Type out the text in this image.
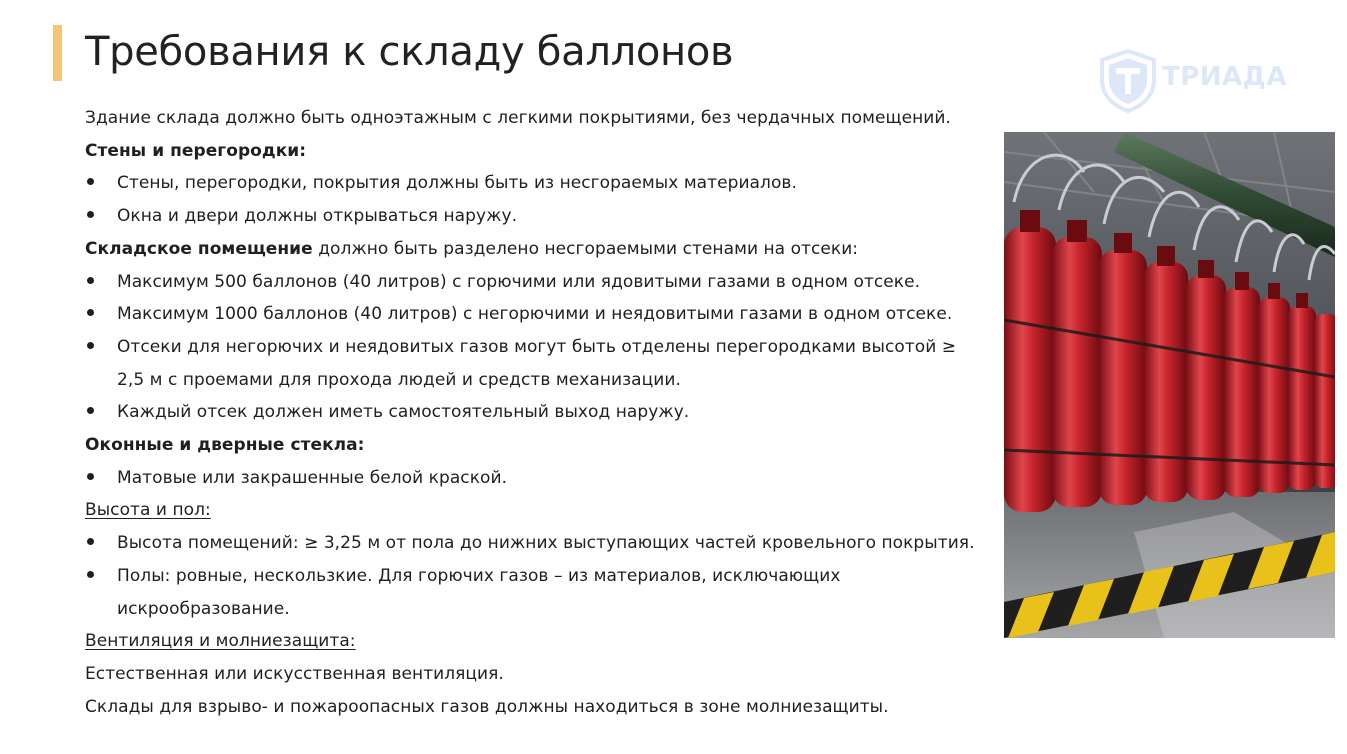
Требования к складу баллонов
ТРИАДА

Здание склада должно быть одноэтажным с легкими покрытиями, без чердачных помещений.

Стены и перегородки:

Стены, перегородки, покрытия должны быть из несгораемых материалов.
Окна и двери должны открываться наружу.

Складское помещение должно быть разделено несгораемыми стенами на отсеки:

Максимум 500 баллонов (40 литров) с горючими или ядовитыми газами в одном отсеке.
Максимум 1000 баллонов (40 литров) с негорючими и неядовитыми газами в одном отсеке.
Отсеки для негорючих и неядовитых газов могут быть отделены перегородками высотой ≥ 2,5 м с проемами для прохода людей и средств механизации.
Каждый отсек должен иметь самостоятельный выход наружу.

Оконные и дверные стекла:

Матовые или закрашенные белой краской.

Высота и пол:

Высота помещений: ≥ 3,25 м от пола до нижних выступающих частей кровельного покрытия.
Полы: ровные, нескользкие. Для горючих газов – из материалов, исключающих искрообразование.

Вентиляция и молниезащита:

Естественная или искусственная вентиляция.

Склады для взрыво- и пожароопасных газов должны находиться в зоне молниезащиты.
